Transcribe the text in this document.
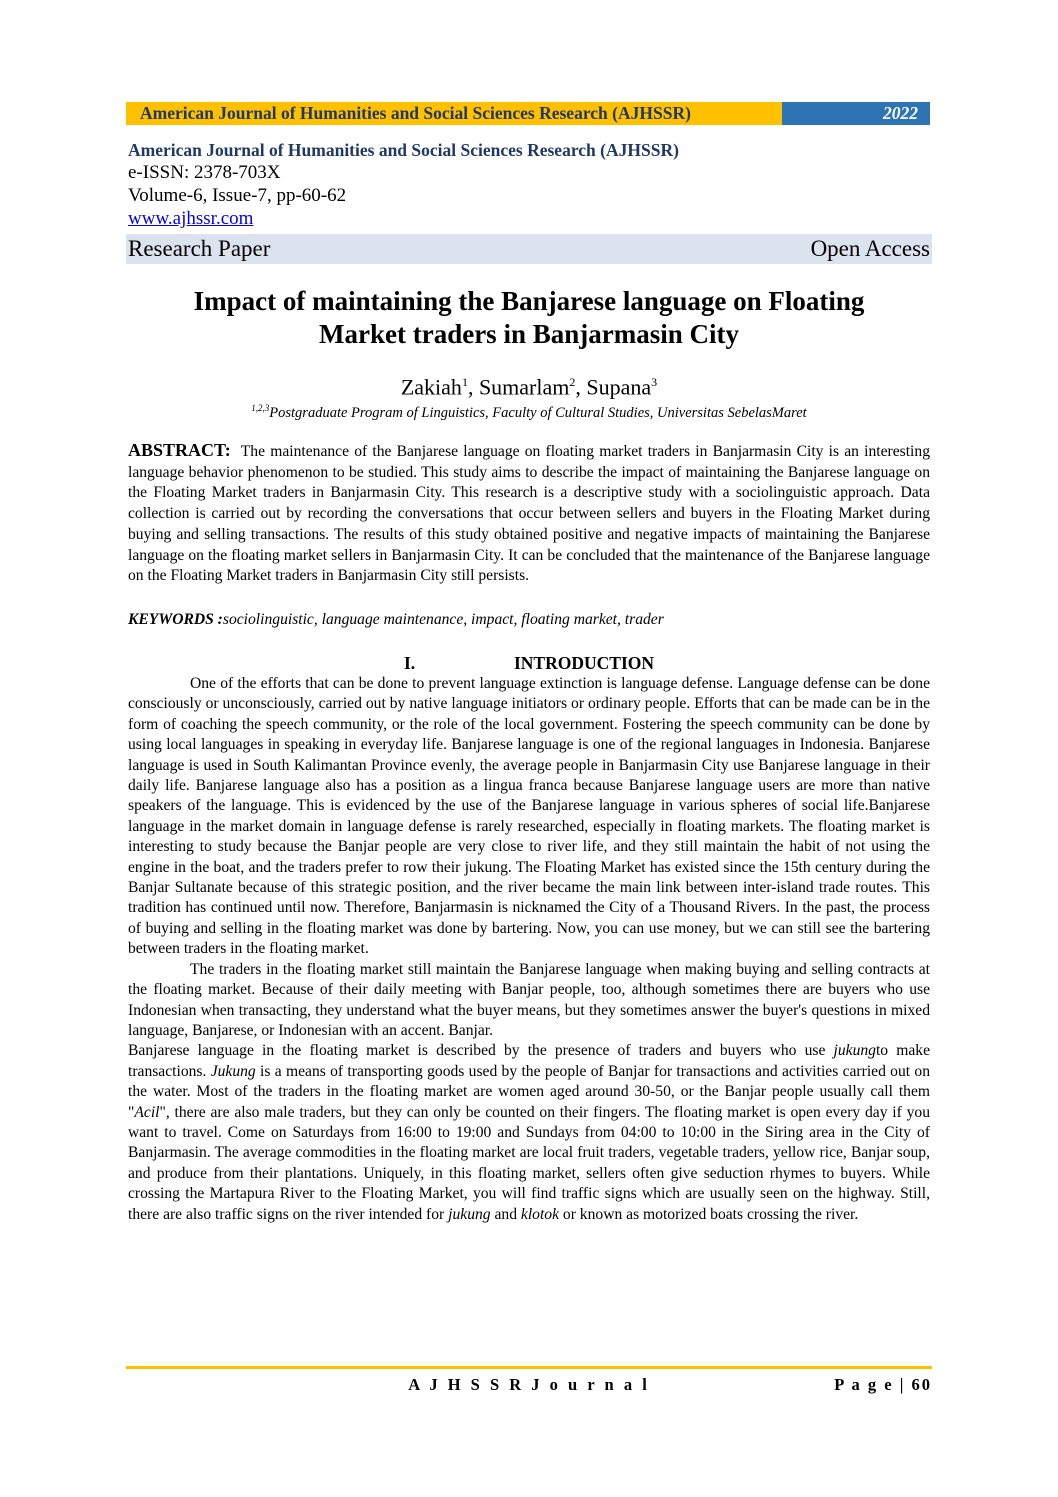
American Journal of Humanities and Social Sciences Research (AJHSSR)	2022
American Journal of Humanities and Social Sciences Research (AJHSSR)
e-ISSN: 2378-703X
Volume-6, Issue-7, pp-60-62
www.ajhssr.com
Research Paper	Open Access
Impact of maintaining the Banjarese language on Floating
Market traders in Banjarmasin City
Zakiah$^1$, Sumarlam$^2$, Supana$^3$
$^{1,2,3}$Postgraduate Program of Linguistics, Faculty of Cultural Studies, Universitas SebelasMaret
ABSTRACT: The maintenance of the Banjarese language on floating market traders in Banjarmasin City is an interesting language behavior phenomenon to be studied. This study aims to describe the impact of maintaining the Banjarese language on the Floating Market traders in Banjarmasin City. This research is a descriptive study with a sociolinguistic approach. Data collection is carried out by recording the conversations that occur between sellers and buyers in the Floating Market during buying and selling transactions. The results of this study obtained positive and negative impacts of maintaining the Banjarese language on the floating market sellers in Banjarmasin City. It can be concluded that the maintenance of the Banjarese language on the Floating Market traders in Banjarmasin City still persists.
KEYWORDS :sociolinguistic, language maintenance, impact, floating market, trader
I.	INTRODUCTION

One of the efforts that can be done to prevent language extinction is language defense. Language defense can be done consciously or unconsciously, carried out by native language initiators or ordinary people. Efforts that can be made can be in the form of coaching the speech community, or the role of the local government. Fostering the speech community can be done by using local languages in speaking in everyday life. Banjarese language is one of the regional languages in Indonesia. Banjarese language is used in South Kalimantan Province evenly, the average people in Banjarmasin City use Banjarese language in their daily life. Banjarese language also has a position as a lingua franca because Banjarese language users are more than native speakers of the language. This is evidenced by the use of the Banjarese language in various spheres of social life.Banjarese language in the market domain in language defense is rarely researched, especially in floating markets. The floating market is interesting to study because the Banjar people are very close to river life, and they still maintain the habit of not using the engine in the boat, and the traders prefer to row their jukung. The Floating Market has existed since the 15th century during the Banjar Sultanate because of this strategic position, and the river became the main link between inter-island trade routes. This tradition has continued until now. Therefore, Banjarmasin is nicknamed the City of a Thousand Rivers. In the past, the process of buying and selling in the floating market was done by bartering. Now, you can use money, but we can still see the bartering between traders in the floating market.

The traders in the floating market still maintain the Banjarese language when making buying and selling contracts at the floating market. Because of their daily meeting with Banjar people, too, although sometimes there are buyers who use Indonesian when transacting, they understand what the buyer means, but they sometimes answer the buyer's questions in mixed language, Banjarese, or Indonesian with an accent. Banjar.

Banjarese language in the floating market is described by the presence of traders and buyers who use jukungto make transactions. Jukung is a means of transporting goods used by the people of Banjar for transactions and activities carried out on the water. Most of the traders in the floating market are women aged around 30-50, or the Banjar people usually call them "Acil", there are also male traders, but they can only be counted on their fingers. The floating market is open every day if you want to travel. Come on Saturdays from 16:00 to 19:00 and Sundays from 04:00 to 10:00 in the Siring area in the City of Banjarmasin. The average commodities in the floating market are local fruit traders, vegetable traders, yellow rice, Banjar soup, and produce from their plantations. Uniquely, in this floating market, sellers often give seduction rhymes to buyers. While crossing the Martapura River to the Floating Market, you will find traffic signs which are usually seen on the highway. Still, there are also traffic signs on the river intended for jukung and klotok or known as motorized boats crossing the river.

A J H S S R J o u r n a l	P a g e | 60
